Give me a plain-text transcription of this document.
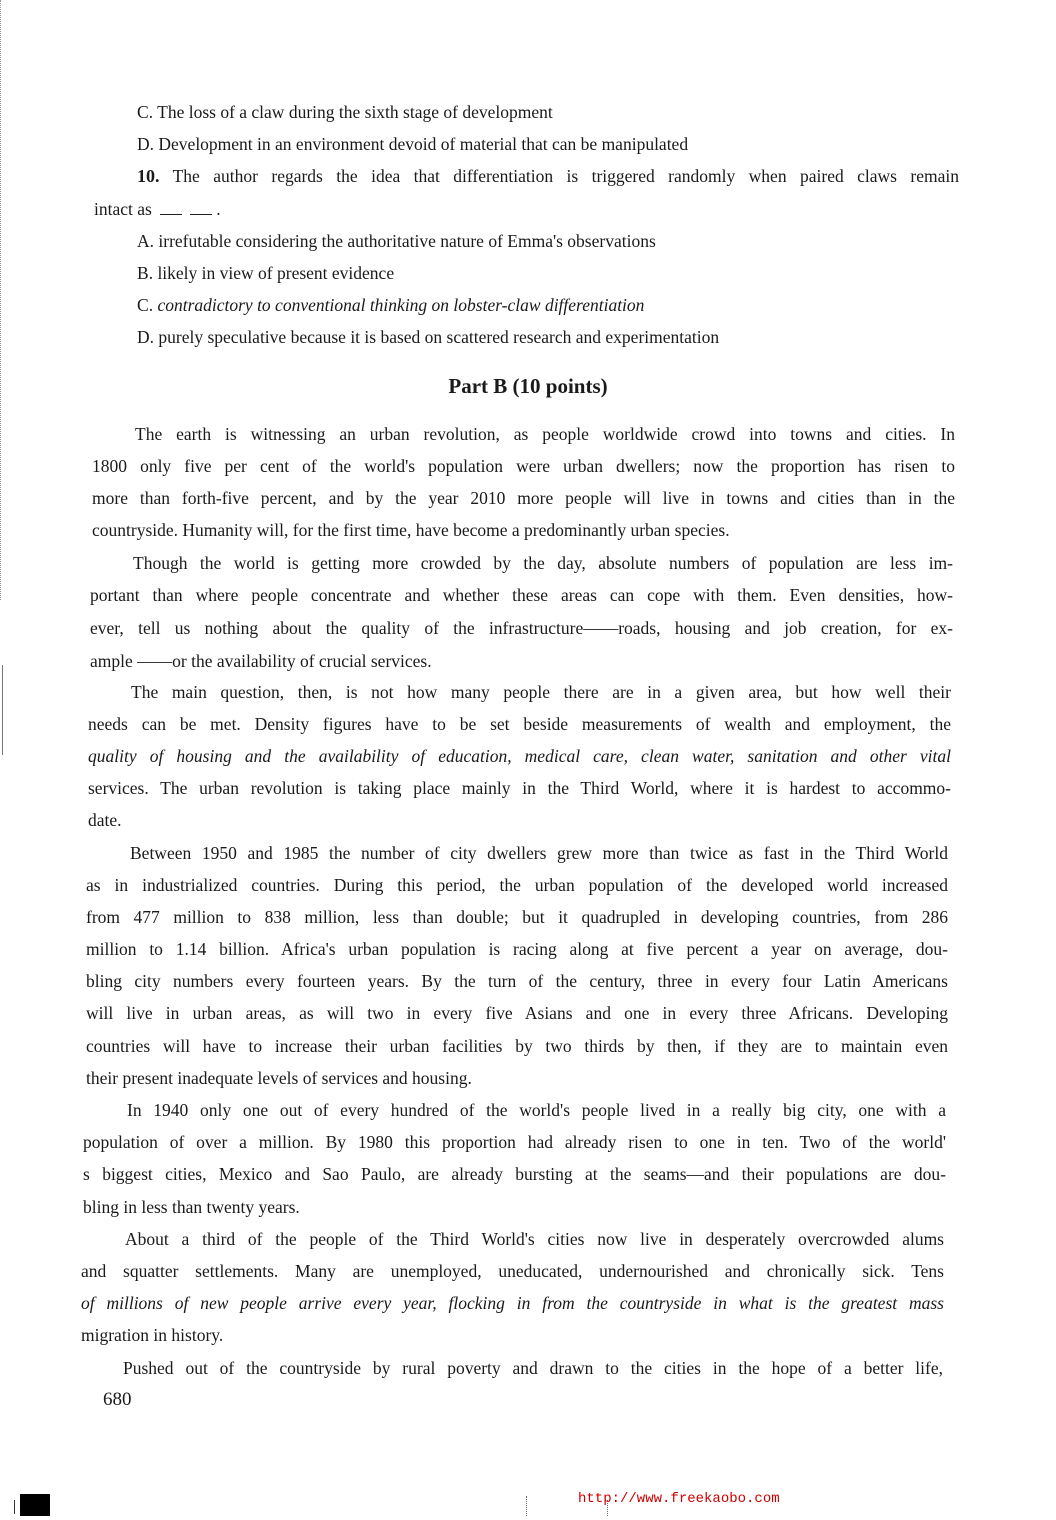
C. The loss of a claw during the sixth stage of development
D. Development in an environment devoid of material that can be manipulated
10. The author regards the idea that differentiation is triggered randomly when paired claws remain
intact as	.
A. irrefutable considering the authoritative nature of Emma's observations
B. likely in view of present evidence
C. contradictory to conventional thinking on lobster-claw differentiation
D. purely speculative because it is based on scattered research and experimentation
Part B (10 points)
The earth is witnessing an urban revolution, as people worldwide crowd into towns and cities. In
1800 only five per cent of the world's population were urban dwellers; now the proportion has risen to
more than forth-five percent, and by the year 2010 more people will live in towns and cities than in the
countryside. Humanity will, for the first time, have become a predominantly urban species.
Though the world is getting more crowded by the day, absolute numbers of population are less im-
portant than where people concentrate and whether these areas can cope with them. Even densities, how-
ever, tell us nothing about the quality of the infrastructure——roads, housing and job creation, for ex-
ample ——or the availability of crucial services.
The main question, then, is not how many people there are in a given area, but how well their
needs can be met. Density figures have to be set beside measurements of wealth and employment, the
quality of housing and the availability of education, medical care, clean water, sanitation and other vital
services. The urban revolution is taking place mainly in the Third World, where it is hardest to accommo-
date.
Between 1950 and 1985 the number of city dwellers grew more than twice as fast in the Third World
as in industrialized countries. During this period, the urban population of the developed world increased
from 477 million to 838 million, less than double; but it quadrupled in developing countries, from 286
million to 1.14 billion. Africa's urban population is racing along at five percent a year on average, dou-
bling city numbers every fourteen years. By the turn of the century, three in every four Latin Americans
will live in urban areas, as will two in every five Asians and one in every three Africans. Developing
countries will have to increase their urban facilities by two thirds by then, if they are to maintain even
their present inadequate levels of services and housing.
In 1940 only one out of every hundred of the world's people lived in a really big city, one with a
population of over a million. By 1980 this proportion had already risen to one in ten. Two of the world'
s biggest cities, Mexico and Sao Paulo, are already bursting at the seams—and their populations are dou-
bling in less than twenty years.
About a third of the people of the Third World's cities now live in desperately overcrowded alums
and squatter settlements. Many are unemployed, uneducated, undernourished and chronically sick. Tens
of millions of new people arrive every year, flocking in from the countryside in what is the greatest mass
migration in history.
Pushed out of the countryside by rural poverty and drawn to the cities in the hope of a better life,
680
http://www.freekaobo.com
